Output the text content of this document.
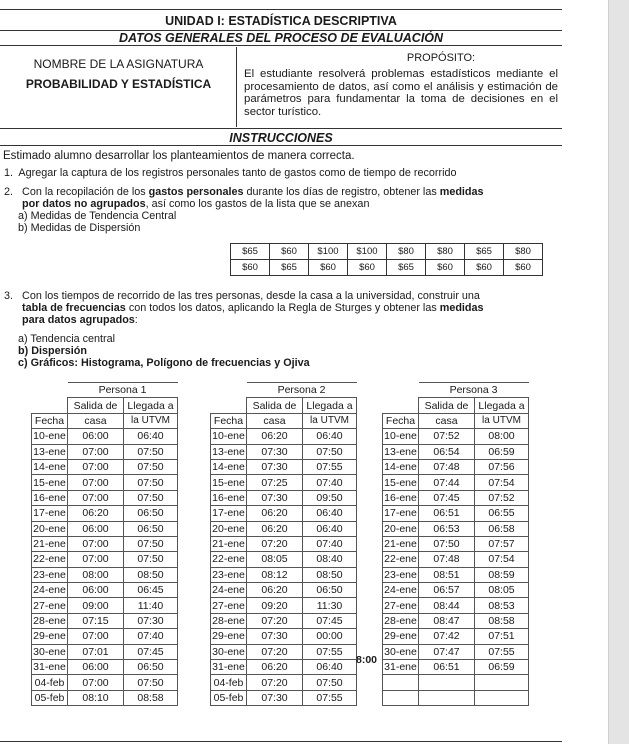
UNIDAD I: ESTADÍSTICA DESCRIPTIVA
DATOS GENERALES DEL PROCESO DE EVALUACIÓN
NOMBRE DE LA ASIGNATURA
PROBABILIDAD Y ESTADÍSTICA
PROPÓSITO:
El estudiante resolverá problemas estadísticos mediante el procesamiento de datos, así como el análisis y estimación de parámetros para fundamentar la toma de decisiones en el sector turístico.
INSTRUCCIONES
Estimado alumno desarrollar los planteamientos de manera correcta.
1.  Agregar la captura de los registros personales tanto de gastos como de tiempo de recorrido
2. Con la recopilación de los gastos personales durante los días de registro, obtener las medidas
por datos no agrupados, así como los gastos de la lista que se anexan
a) Medidas de Tendencia Central
b) Medidas de Dispersión
$65	$60	$100	$100	$80	$80	$65	$80
$60	$65	$60	$60	$65	$60	$60	$60
3. Con los tiempos de recorrido de las tres personas, desde la casa a la universidad, construir una
tabla de frecuencias con todos los datos, aplicando la Regla de Sturges y obtener las medidas
para datos agrupados:
a) Tendencia central
b) Dispersión
c) Gráficos: Histograma, Polígono de frecuencias y Ojiva
	Persona 1	
	Salida de	Llegada a
Fecha	casa	la UTVM
10-ene	06:00	06:40
13-ene	07:00	07:50
14-ene	07:00	07:50
15-ene	07:00	07:50
16-ene	07:00	07:50
17-ene	06:20	06:50
20-ene	06:00	06:50
21-ene	07:00	07:50
22-ene	07:00	07:50
23-ene	08:00	08:50
24-ene	06:00	06:45
27-ene	09:00	11:40
28-ene	07:15	07:30
29-ene	07:00	07:40
30-ene	07:01	07:45
31-ene	06:00	06:50
04-feb	07:00	07:50
05-feb	08:10	08:58
	Persona 2	
	Salida de	Llegada a
Fecha	casa	la UTVM
10-ene	06:20	06:40
13-ene	07:30	07:50
14-ene	07:30	07:55
15-ene	07:25	07:40
16-ene	07:30	09:50
17-ene	06:20	06:40
20-ene	06:20	06:40
21-ene	07:20	07:40
22-ene	08:05	08:40
23-ene	08:12	08:50
24-ene	06:20	06:50
27-ene	09:20	11:30
28-ene	07:20	07:45
29-ene	07:30	00:00
30-ene	07:20	07:55
31-ene	06:20	06:40
04-feb	07:20	07:50
05-feb	07:30	07:55
	Persona 3	
	Salida de	Llegada a
Fecha	casa	la UTVM
10-ene	07:52	08:00
13-ene	06:54	06:59
14-ene	07:48	07:56
15-ene	07:44	07:54
16-ene	07:45	07:52
17-ene	06:51	06:55
20-ene	06:53	06:58
21-ene	07:50	07:57
22-ene	07:48	07:54
23-ene	08:51	08:59
24-ene	06:57	08:05
27-ene	08:44	08:53
28-ene	08:47	08:58
29-ene	07:42	07:51
30-ene	07:47	07:55
31-ene	06:51	06:59

8:00
